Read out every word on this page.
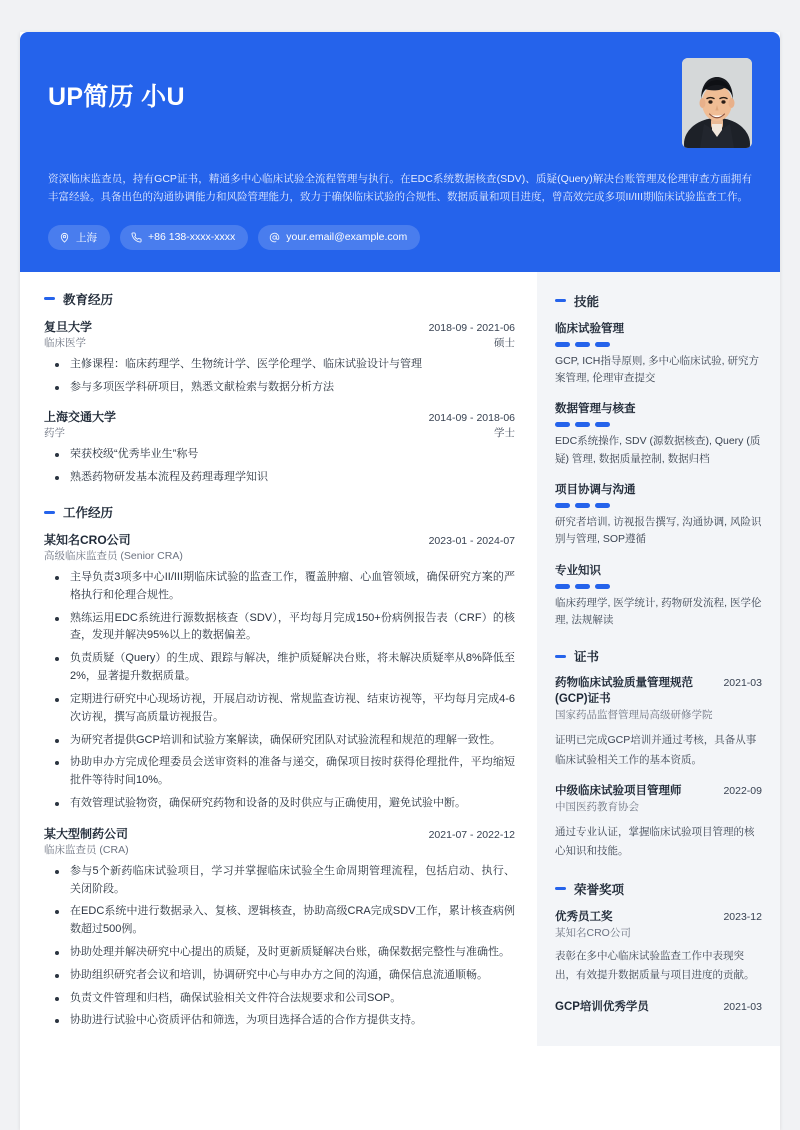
UP简历 小U
资深临床监查员，持有GCP证书，精通多中心临床试验全流程管理与执行。在EDC系统数据核查(SDV)、质疑(Query)解决台账管理及伦理审查方面拥有丰富经验。具备出色的沟通协调能力和风险管理能力，致力于确保临床试验的合规性、数据质量和项目进度，曾高效完成多项II/III期临床试验监查工作。
上海	+86 138-xxxx-xxxx	your.email@example.com
教育经历
复旦大学	2018-09 - 2021-06
临床医学	硕士
主修课程：临床药理学、生物统计学、医学伦理学、临床试验设计与管理
参与多项医学科研项目，熟悉文献检索与数据分析方法
上海交通大学	2014-09 - 2018-06
药学	学士
荣获校级“优秀毕业生”称号
熟悉药物研发基本流程及药理毒理学知识
工作经历
某知名CRO公司	2023-01 - 2024-07
高级临床监查员 (Senior CRA)
主导负责3项多中心II/III期临床试验的监查工作，覆盖肿瘤、心血管领域，确保研究方案的严格执行和伦理合规性。
熟练运用EDC系统进行源数据核查（SDV），平均每月完成150+份病例报告表（CRF）的核查，发现并解决95%以上的数据偏差。
负责质疑（Query）的生成、跟踪与解决，维护质疑解决台账，将未解决质疑率从8%降低至2%，显著提升数据质量。
定期进行研究中心现场访视，开展启动访视、常规监查访视、结束访视等，平均每月完成4-6次访视，撰写高质量访视报告。
为研究者提供GCP培训和试验方案解读，确保研究团队对试验流程和规范的理解一致性。
协助申办方完成伦理委员会送审资料的准备与递交，确保项目按时获得伦理批件，平均缩短批件等待时间10%。
有效管理试验物资，确保研究药物和设备的及时供应与正确使用，避免试验中断。
某大型制药公司	2021-07 - 2022-12
临床监查员 (CRA)
参与5个新药临床试验项目，学习并掌握临床试验全生命周期管理流程，包括启动、执行、关闭阶段。
在EDC系统中进行数据录入、复核、逻辑核查，协助高级CRA完成SDV工作，累计核查病例数超过500例。
协助处理并解决研究中心提出的质疑，及时更新质疑解决台账，确保数据完整性与准确性。
协助组织研究者会议和培训，协调研究中心与申办方之间的沟通，确保信息流通顺畅。
负责文件管理和归档，确保试验相关文件符合法规要求和公司SOP。
协助进行试验中心资质评估和筛选，为项目选择合适的合作方提供支持。
技能
临床试验管理
GCP, ICH指导原则, 多中心临床试验, 研究方案管理, 伦理审查提交
数据管理与核查
EDC系统操作, SDV (源数据核查), Query (质疑) 管理, 数据质量控制, 数据归档
项目协调与沟通
研究者培训, 访视报告撰写, 沟通协调, 风险识别与管理, SOP遵循
专业知识
临床药理学, 医学统计, 药物研发流程, 医学伦理, 法规解读
证书
药物临床试验质量管理规范(GCP)证书
2021-03
国家药品监督管理局高级研修学院
证明已完成GCP培训并通过考核，具备从事临床试验相关工作的基本资质。
中级临床试验项目管理师	2022-09
中国医药教育协会
通过专业认证，掌握临床试验项目管理的核心知识和技能。
荣誉奖项
优秀员工奖	2023-12
某知名CRO公司
表彰在多中心临床试验监查工作中表现突出，有效提升数据质量与项目进度的贡献。
GCP培训优秀学员	2021-03
